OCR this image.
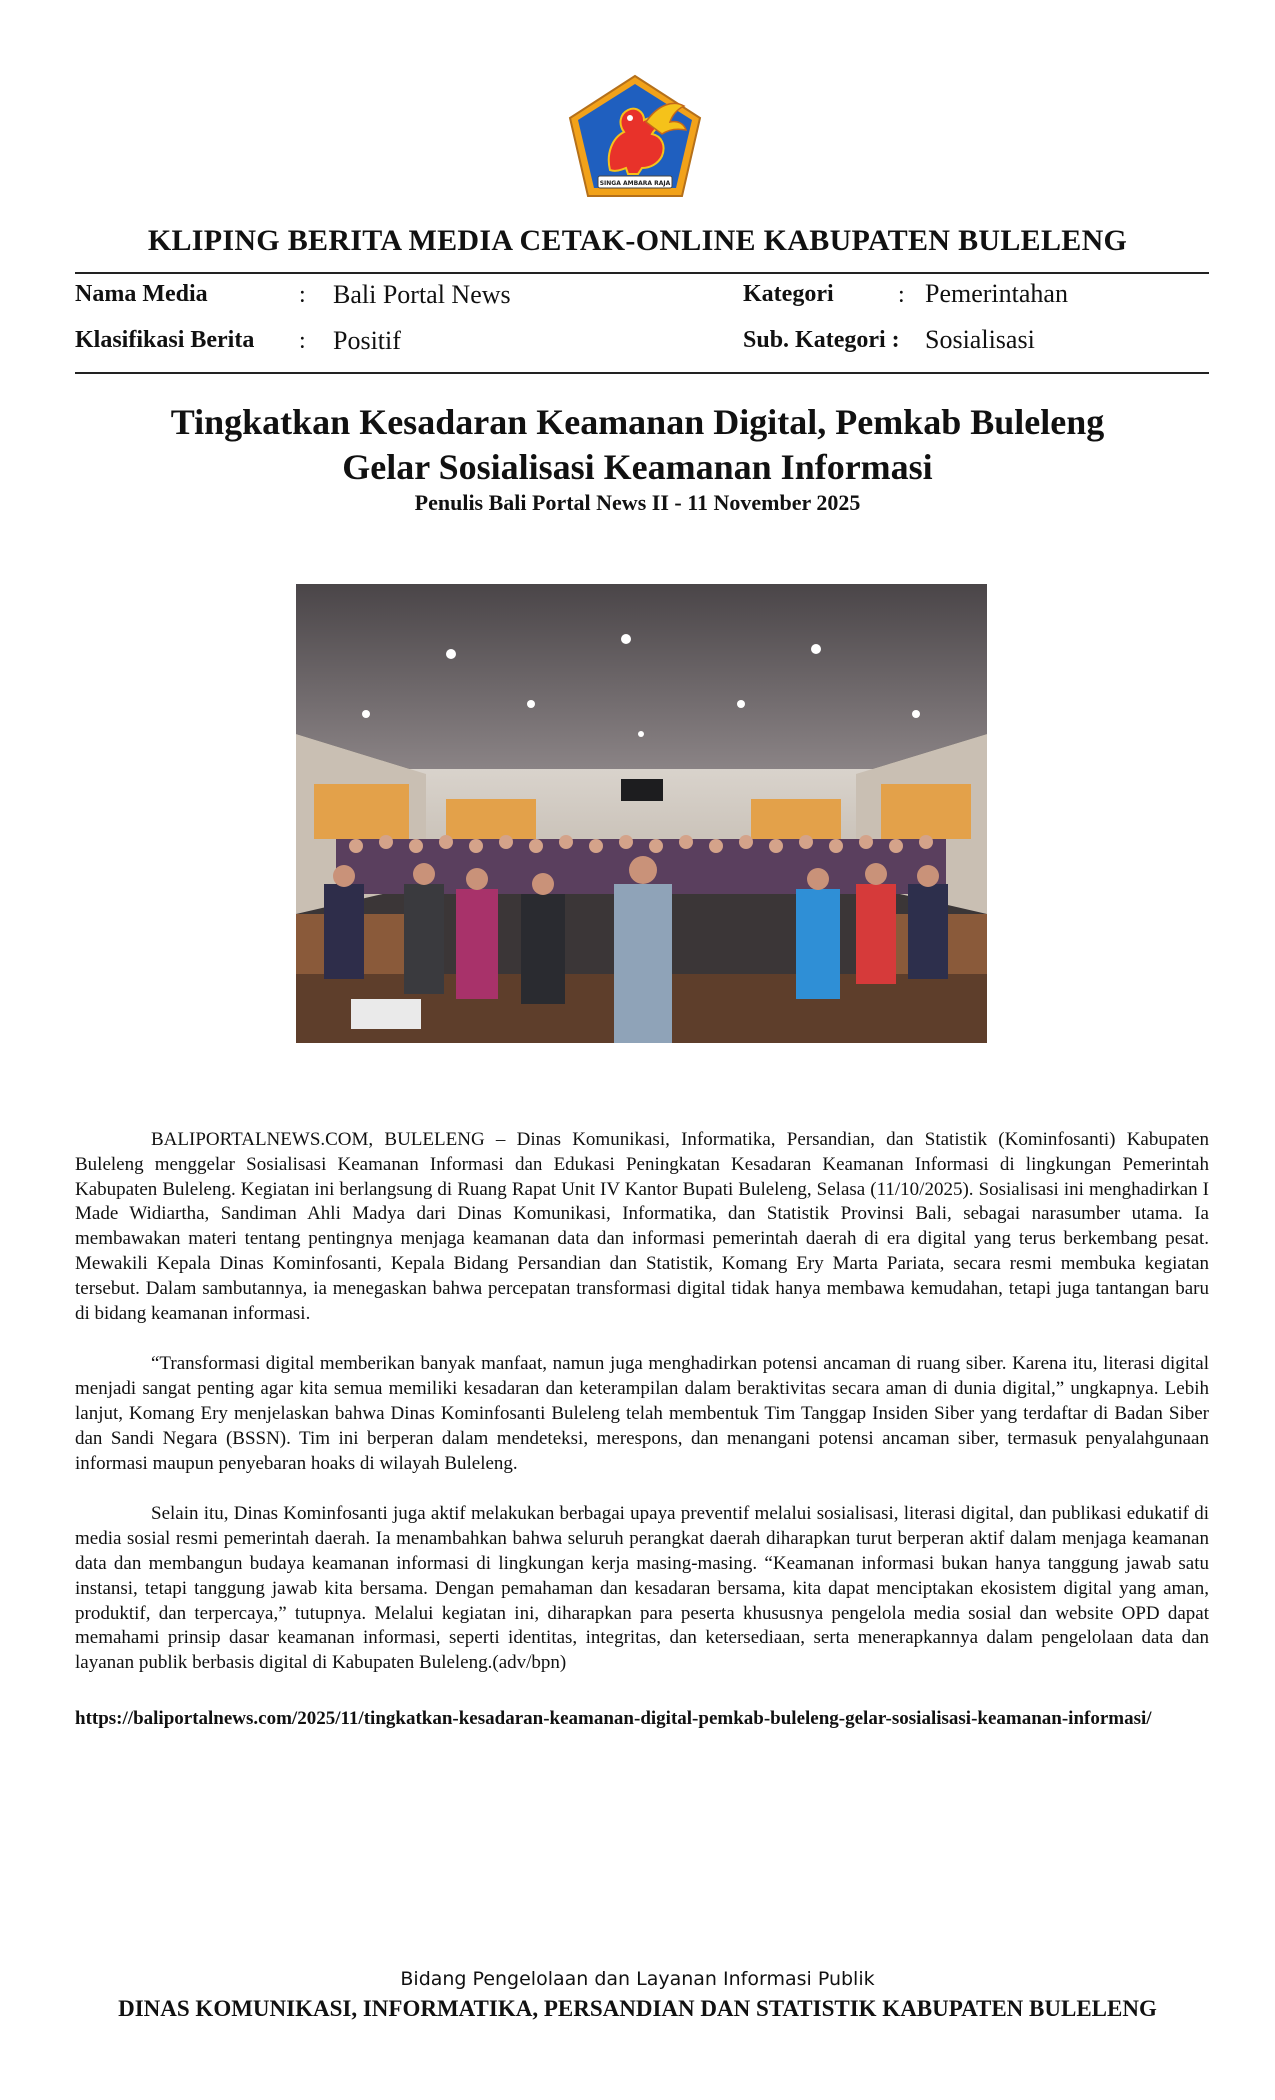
SINGA AMBARA RAJA
KLIPING BERITA MEDIA CETAK-ONLINE KABUPATEN BULELENG
Nama Media	: Bali Portal News
Klasifikasi Berita : Positif
Kategori	: Pemerintahan
Sub. Kategori : Sosialisasi
Tingkatkan Kesadaran Keamanan Digital, Pemkab Buleleng
Gelar Sosialisasi Keamanan Informasi
Penulis Bali Portal News II - 11 November 2025

BALIPORTALNEWS.COM, BULELENG – Dinas Komunikasi, Informatika, Persandian, dan Statistik (Kominfosanti) Kabupaten Buleleng menggelar Sosialisasi Keamanan Informasi dan Edukasi Peningkatan Kesadaran Keamanan Informasi di lingkungan Pemerintah Kabupaten Buleleng. Kegiatan ini berlangsung di Ruang Rapat Unit IV Kantor Bupati Buleleng, Selasa (11/10/2025). Sosialisasi ini menghadirkan I Made Widiartha, Sandiman Ahli Madya dari Dinas Komunikasi, Informatika, dan Statistik Provinsi Bali, sebagai narasumber utama. Ia membawakan materi tentang pentingnya menjaga keamanan data dan informasi pemerintah daerah di era digital yang terus berkembang pesat. Mewakili Kepala Dinas Kominfosanti, Kepala Bidang Persandian dan Statistik, Komang Ery Marta Pariata, secara resmi membuka kegiatan tersebut. Dalam sambutannya, ia menegaskan bahwa percepatan transformasi digital tidak hanya membawa kemudahan, tetapi juga tantangan baru di bidang keamanan informasi.

“Transformasi digital memberikan banyak manfaat, namun juga menghadirkan potensi ancaman di ruang siber. Karena itu, literasi digital menjadi sangat penting agar kita semua memiliki kesadaran dan keterampilan dalam beraktivitas secara aman di dunia digital,” ungkapnya. Lebih lanjut, Komang Ery menjelaskan bahwa Dinas Kominfosanti Buleleng telah membentuk Tim Tanggap Insiden Siber yang terdaftar di Badan Siber dan Sandi Negara (BSSN). Tim ini berperan dalam mendeteksi, merespons, dan menangani potensi ancaman siber, termasuk penyalahgunaan informasi maupun penyebaran hoaks di wilayah Buleleng.

Selain itu, Dinas Kominfosanti juga aktif melakukan berbagai upaya preventif melalui sosialisasi, literasi digital, dan publikasi edukatif di media sosial resmi pemerintah daerah. Ia menambahkan bahwa seluruh perangkat daerah diharapkan turut berperan aktif dalam menjaga keamanan data dan membangun budaya keamanan informasi di lingkungan kerja masing-masing. “Keamanan informasi bukan hanya tanggung jawab satu instansi, tetapi tanggung jawab kita bersama. Dengan pemahaman dan kesadaran bersama, kita dapat menciptakan ekosistem digital yang aman, produktif, dan terpercaya,” tutupnya. Melalui kegiatan ini, diharapkan para peserta khususnya pengelola media sosial dan website OPD dapat memahami prinsip dasar keamanan informasi, seperti identitas, integritas, dan ketersediaan, serta menerapkannya dalam pengelolaan data dan layanan publik berbasis digital di Kabupaten Buleleng.(adv/bpn)

https://baliportalnews.com/2025/11/tingkatkan-kesadaran-keamanan-digital-pemkab-buleleng-gelar-sosialisasi-keamanan-informasi/
Bidang Pengelolaan dan Layanan Informasi Publik
DINAS KOMUNIKASI, INFORMATIKA, PERSANDIAN DAN STATISTIK KABUPATEN BULELENG
